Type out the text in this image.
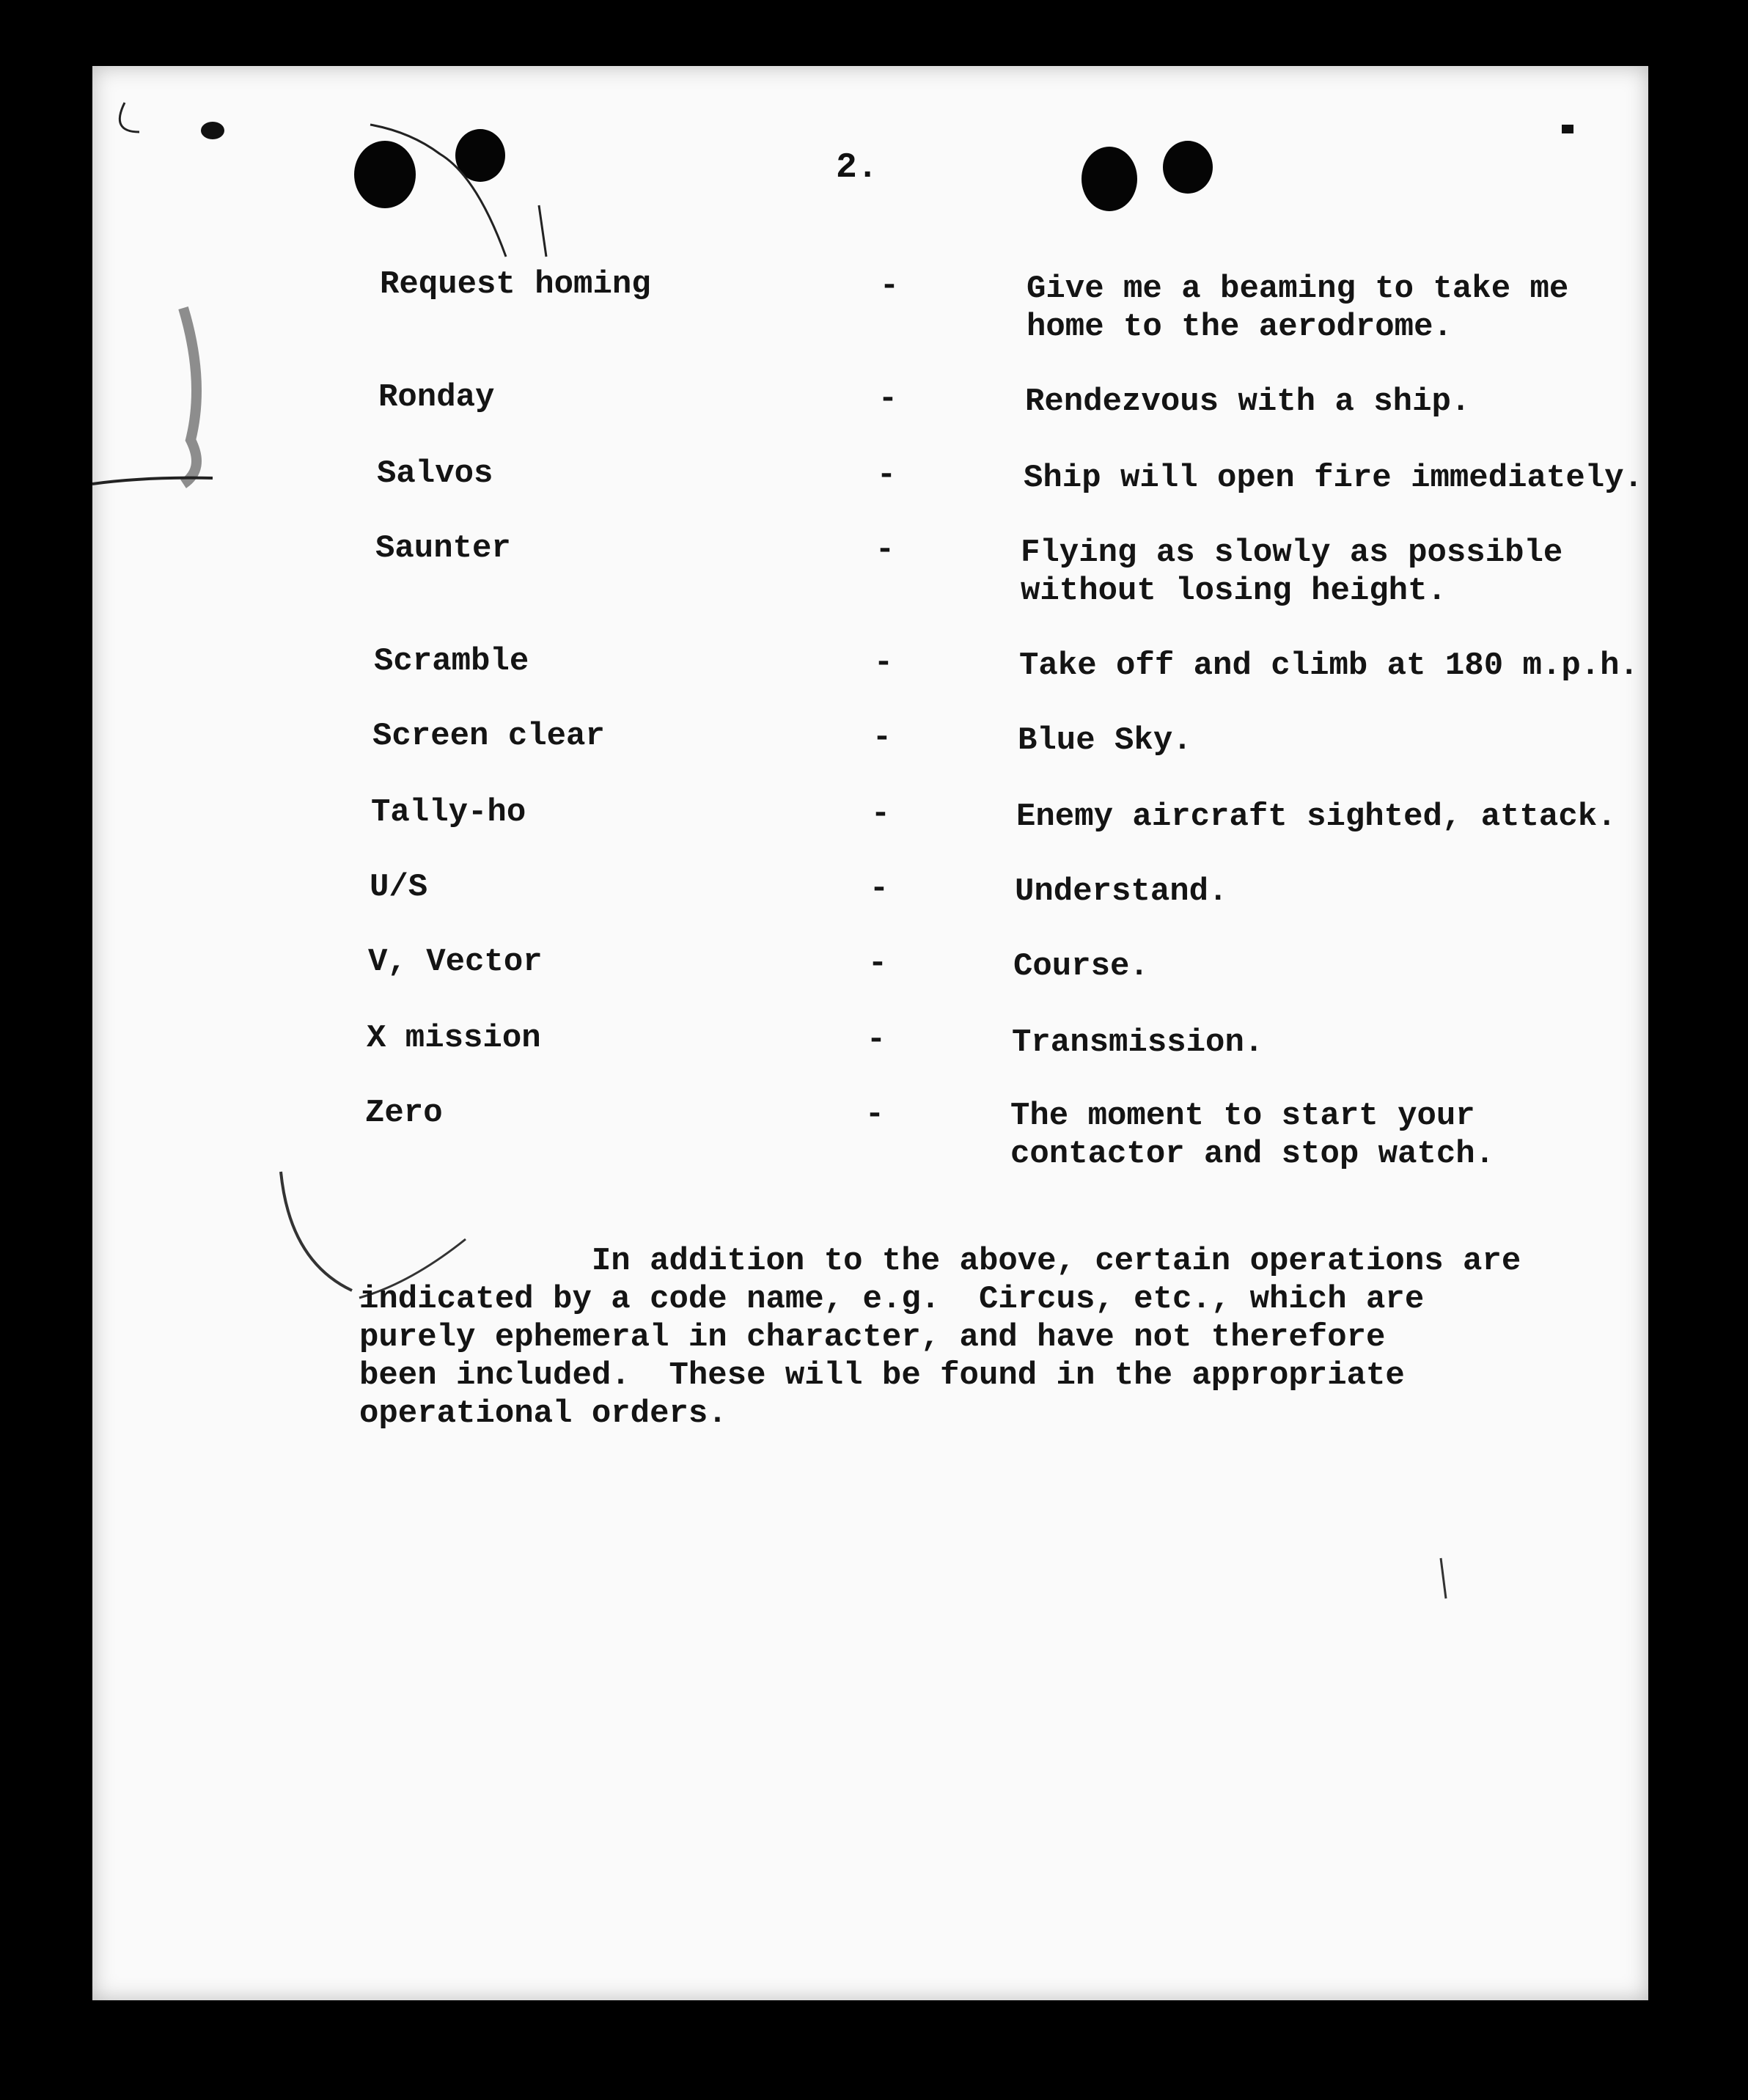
2.
Request homing	-	Give me a beaming to take me
home to the aerodrome.
Ronday	-	Rendezvous with a ship.
Salvos	-	Ship will open fire immediately.
Saunter	-	Flying as slowly as possible
without losing height.
Scramble	-	Take off and climb at 180 m.p.h.
Screen clear	-	Blue Sky.
Tally-ho	-	Enemy aircraft sighted, attack.
U/S	-	Understand.
V, Vector	-	Course.
X mission	-	Transmission.
Zero	-	The moment to start your
contactor and stop watch.
In addition to the above, certain operations are
indicated by a code name, e.g.  Circus, etc., which are
purely ephemeral in character, and have not therefore
been included.  These will be found in the appropriate
operational orders.
